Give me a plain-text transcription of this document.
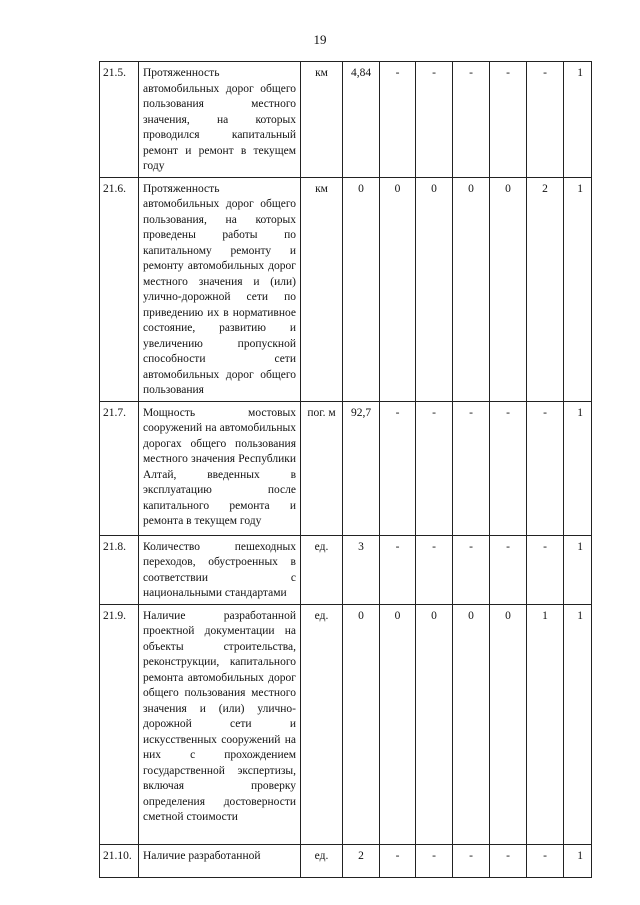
19
21.5.	Протяженность автомобильных дорог общего пользования местного значения, на которых проводился капитальный ремонт и ремонт в текущем году	км	4,84	-	-	-	-	-	1
21.6.	Протяженность автомобильных дорог общего пользования, на которых проведены работы по капитальному ремонту и ремонту автомобильных дорог местного значения и (или) улично-дорожной сети по приведению их в нормативное состояние, развитию и увеличению пропускной способности сети автомобильных дорог общего пользования	км	0	0	0	0	0	2	1
21.7.	Мощность мостовых сооружений на автомобильных дорогах общего пользования местного значения Республики Алтай, введенных в эксплуатацию после капитального ремонта и ремонта в текущем году	пог. м	92,7	-	-	-	-	-	1
21.8.	Количество пешеходных переходов, обустроенных в соответствии с национальными стандартами	ед.	3	-	-	-	-	-	1
21.9.	Наличие разработанной проектной документации на объекты строительства, реконструкции, капитального ремонта автомобильных дорог общего пользования местного значения и (или) улично-дорожной сети и искусственных сооружений на них с прохождением государственной экспертизы, включая проверку определения достоверности сметной стоимости	ед.	0	0	0	0	0	1	1
21.10.	Наличие разработанной	ед.	2	-	-	-	-	-	1
